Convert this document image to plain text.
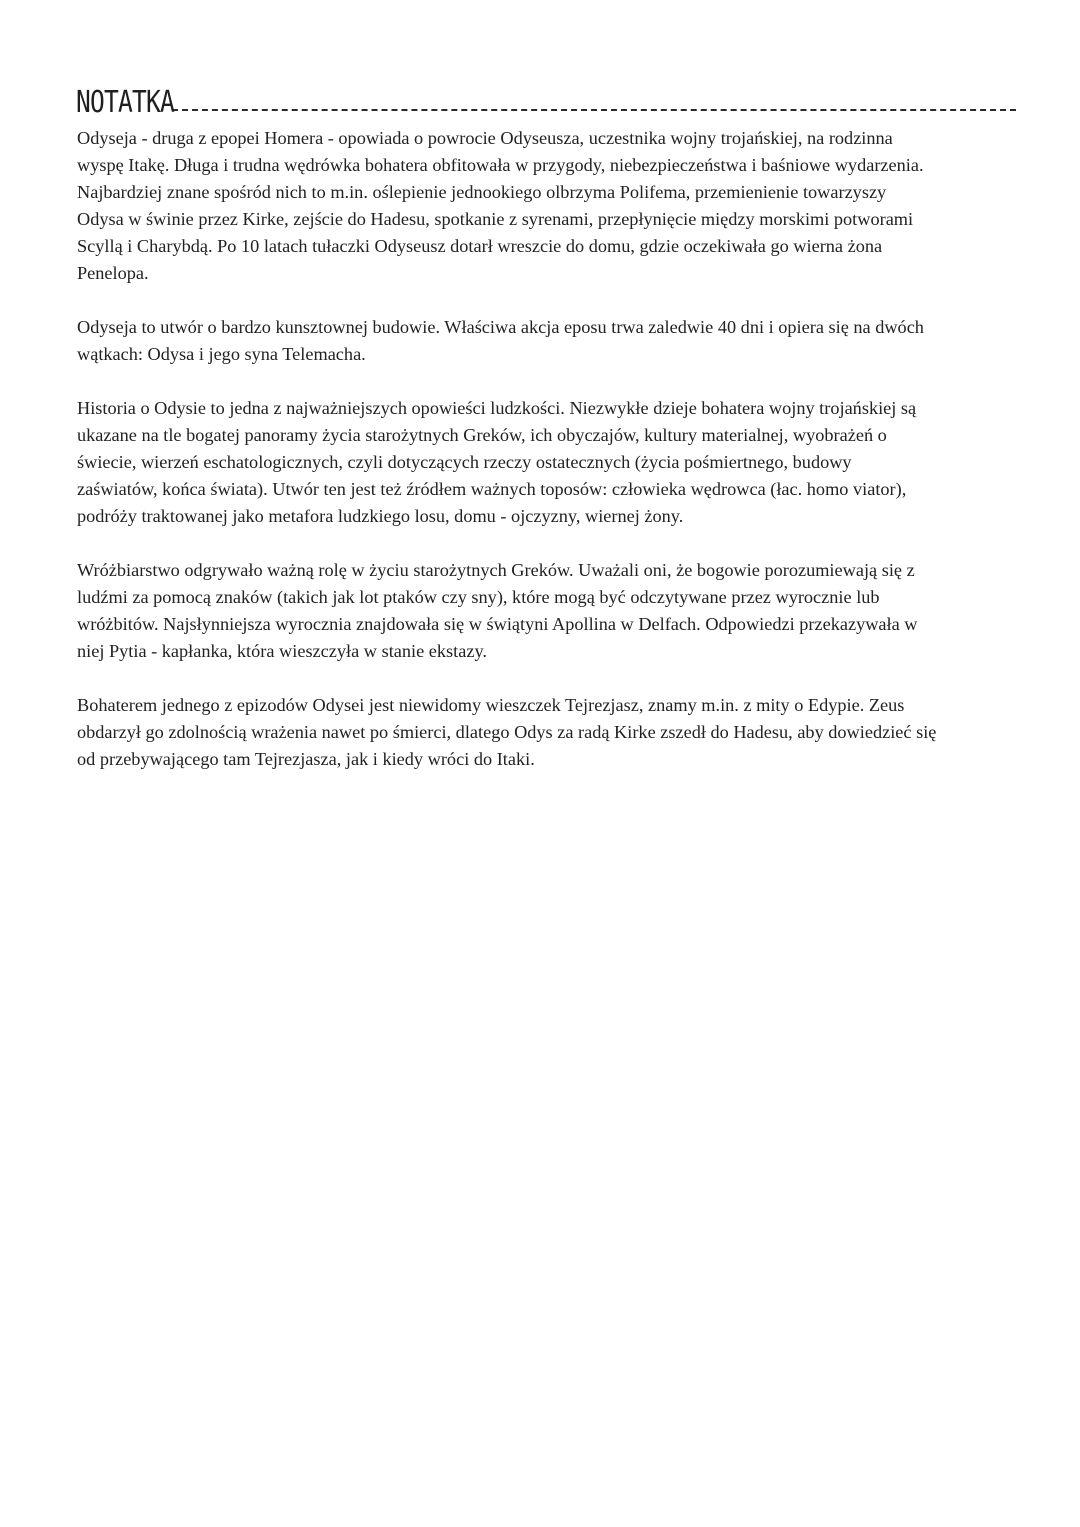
NOTATKA

Odyseja - druga z epopei Homera - opowiada o powrocie Odyseusza, uczestnika wojny trojańskiej, na rodzinna
wyspę Itakę. Długa i trudna wędrówka bohatera obfitowała w przygody, niebezpieczeństwa i baśniowe wydarzenia.
Najbardziej znane spośród nich to m.in. oślepienie jednookiego olbrzyma Polifema, przemienienie towarzyszy
Odysa w świnie przez Kirke, zejście do Hadesu, spotkanie z syrenami, przepłynięcie między morskimi potworami
Scyllą i Charybdą. Po 10 latach tułaczki Odyseusz dotarł wreszcie do domu, gdzie oczekiwała go wierna żona
Penelopa.

Odyseja to utwór o bardzo kunsztownej budowie. Właściwa akcja eposu trwa zaledwie 40 dni i opiera się na dwóch
wątkach: Odysa i jego syna Telemacha.

Historia o Odysie to jedna z najważniejszych opowieści ludzkości. Niezwykłe dzieje bohatera wojny trojańskiej są
ukazane na tle bogatej panoramy życia starożytnych Greków, ich obyczajów, kultury materialnej, wyobrażeń o
świecie, wierzeń eschatologicznych, czyli dotyczących rzeczy ostatecznych (życia pośmiertnego, budowy
zaświatów, końca świata). Utwór ten jest też źródłem ważnych toposów: człowieka wędrowca (łac. homo viator),
podróży traktowanej jako metafora ludzkiego losu, domu - ojczyzny, wiernej żony.

Wróżbiarstwo odgrywało ważną rolę w życiu starożytnych Greków. Uważali oni, że bogowie porozumiewają się z
ludźmi za pomocą znaków (takich jak lot ptaków czy sny), które mogą być odczytywane przez wyrocznie lub
wróżbitów. Najsłynniejsza wyrocznia znajdowała się w świątyni Apollina w Delfach. Odpowiedzi przekazywała w
niej Pytia - kapłanka, która wieszczyła w stanie ekstazy.

Bohaterem jednego z epizodów Odysei jest niewidomy wieszczek Tejrezjasz, znamy m.in. z mity o Edypie. Zeus
obdarzył go zdolnością wrażenia nawet po śmierci, dlatego Odys za radą Kirke zszedł do Hadesu, aby dowiedzieć się
od przebywającego tam Tejrezjasza, jak i kiedy wróci do Itaki.
